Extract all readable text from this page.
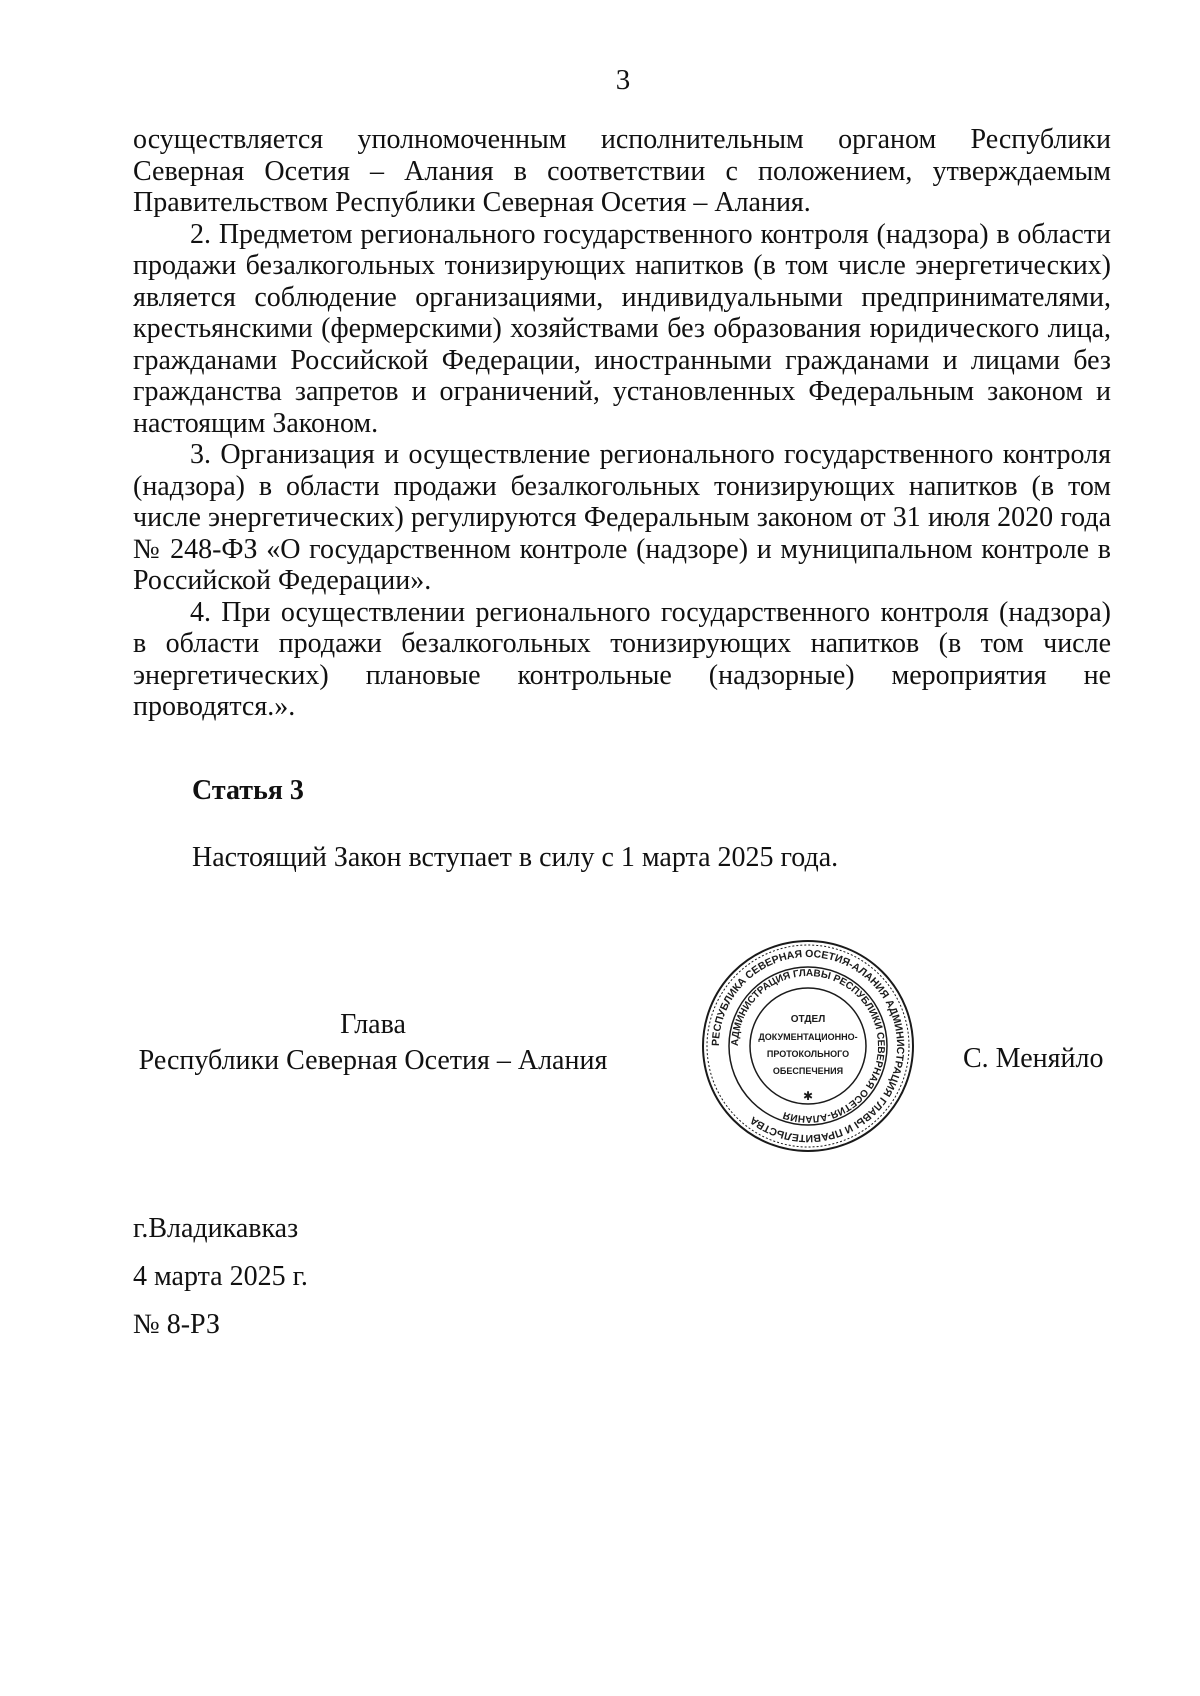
3

осуществляется уполномоченным исполнительным органом Республики Северная Осетия – Алания в соответствии с положением, утверждаемым Правительством Республики Северная Осетия – Алания.

2. Предметом регионального государственного контроля (надзора) в области продажи безалкогольных тонизирующих напитков (в том числе энергетических) является соблюдение организациями, индивидуальными предпринимателями, крестьянскими (фермерскими) хозяйствами без образования юридического лица, гражданами Российской Федерации, иностранными гражданами и лицами без гражданства запретов и ограничений, установленных Федеральным законом и настоящим Законом.

3. Организация и осуществление регионального государственного контроля (надзора) в области продажи безалкогольных тонизирующих напитков (в том числе энергетических) регулируются Федеральным законом от 31 июля 2020 года № 248-ФЗ «О государственном контроле (надзоре) и муниципальном контроле в Российской Федерации».

4. При осуществлении регионального государственного контроля (надзора) в области продажи безалкогольных тонизирующих напитков (в том числе энергетических) плановые контрольные (надзорные) мероприятия не проводятся.».

Статья 3
Настоящий Закон вступает в силу с 1 марта 2025 года.
Глава
Республики Северная Осетия – Алания
РЕСПУБЛИКА СЕВЕРНАЯ ОСЕТИЯ-АЛАНИЯ АДМИНИСТРАЦИЯ ГЛАВЫ И ПРАВИТЕЛЬСТВА
АДМИНИСТРАЦИЯ ГЛАВЫ РЕСПУБЛИКИ СЕВЕРНАЯ ОСЕТИЯ-АЛАНИЯ
ОТДЕЛ
ДОКУМЕНТАЦИОННО-
ПРОТОКОЛЬНОГО
ОБЕСПЕЧЕНИЯ
✱
С. Меняйло
г.Владикавказ
4 марта 2025 г.
№ 8-РЗ
